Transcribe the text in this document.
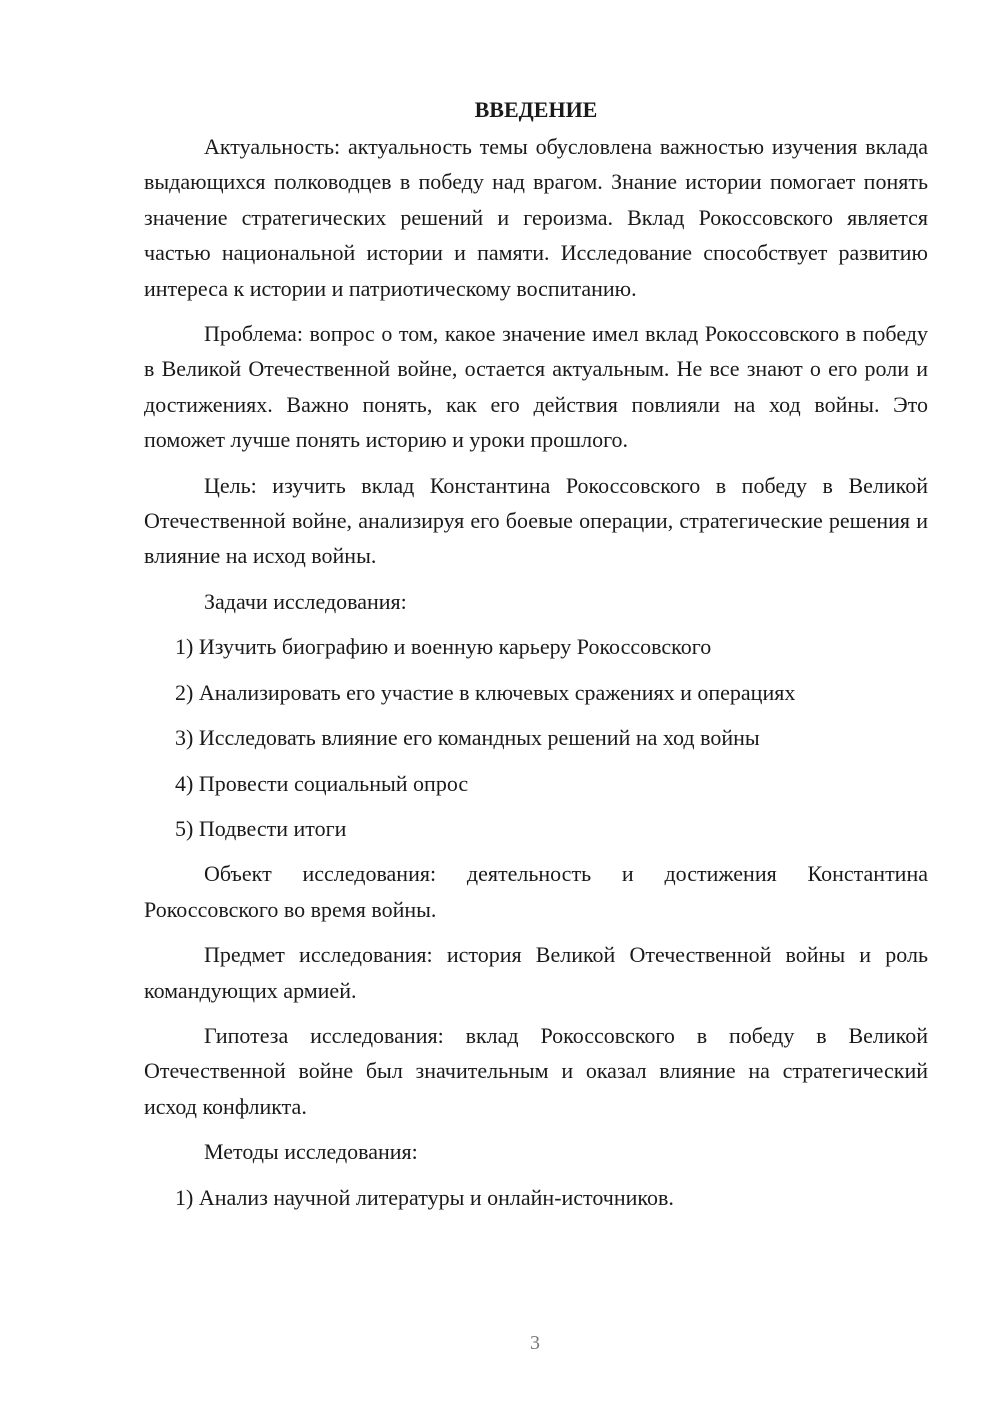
ВВЕДЕНИЕ

Актуальность: актуальность темы обусловлена важностью изучения вклада выдающихся полководцев в победу над врагом. Знание истории помогает понять значение стратегических решений и героизма. Вклад Рокоссовского является частью национальной истории и памяти. Исследование способствует развитию интереса к истории и патриотическому воспитанию.

Проблема: вопрос о том, какое значение имел вклад Рокоссовского в победу в Великой Отечественной войне, остается актуальным. Не все знают о его роли и достижениях. Важно понять, как его действия повлияли на ход войны. Это поможет лучше понять историю и уроки прошлого.

Цель: изучить вклад Константина Рокоссовского в победу в Великой Отечественной войне, анализируя его боевые операции, стратегические решения и влияние на исход войны.

Задачи исследования:

1) Изучить биографию и военную карьеру Рокоссовского
2) Анализировать его участие в ключевых сражениях и операциях
3) Исследовать влияние его командных решений на ход войны
4) Провести социальный опрос
5) Подвести итоги

Объект исследования: деятельность и достижения Константина Рокоссовского во время войны.

Предмет исследования: история Великой Отечественной войны и роль командующих армией.

Гипотеза исследования: вклад Рокоссовского в победу в Великой Отечественной войне был значительным и оказал влияние на стратегический исход конфликта.

Методы исследования:

1) Анализ научной литературы и онлайн-источников.
3
